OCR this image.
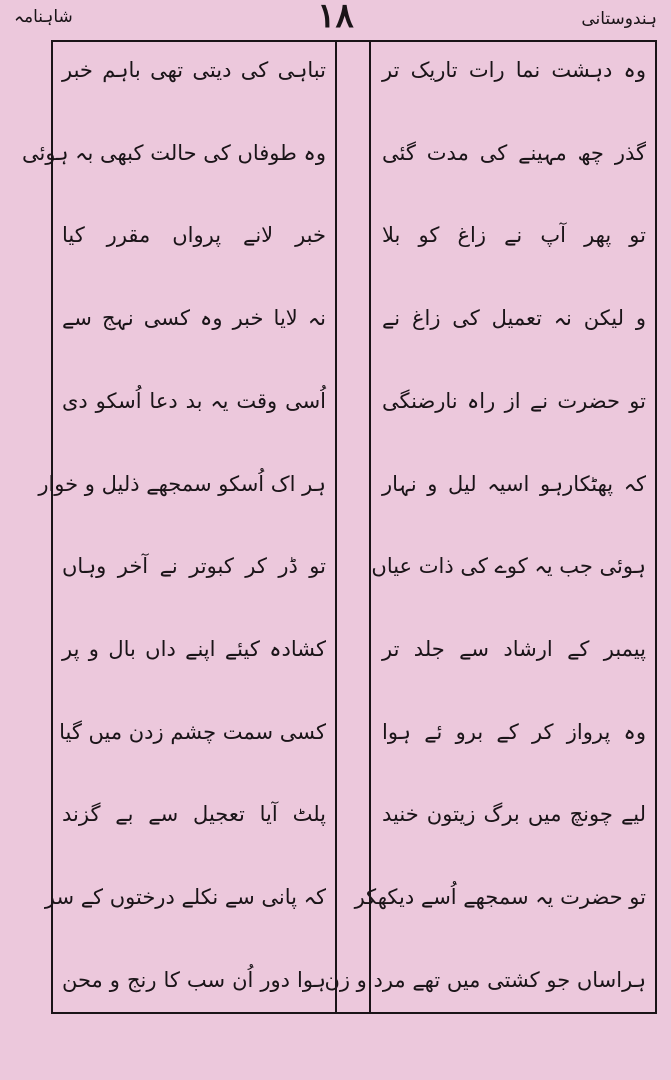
شاہنامہ	۱۸	ہندوستانی
وہ دہشت نما رات تاریک تر
گذر چھ مہینے کی مدت گئی
تو پھر آپ نے زاغ کو بلا
و لیکن نہ تعمیل کی زاغ نے
تو حضرت نے از راہ نارضنگی
کہ پھٹکارہو اسیہ لیل و نہار
ہوئی جب یہ کوے کی ذات عیاں
پیمبر کے ارشاد سے جلد تر
وہ پرواز کر کے برو ئے ہوا
لیے چونچ میں برگ زیتون خنید
تو حضرت یہ سمجھے اُسے دیکھکر
ہراساں جو کشتی میں تھے مرد و زن
تباہی کی دیتی تھی باہم خبر
وہ طوفاں کی حالت کبھی بہ ہوئی
خبر لانے پرواں مقرر کیا
نہ لایا خبر وہ کسی نہج سے
اُسی وقت یہ بد دعا اُسکو دی
ہر اک اُسکو سمجھے ذلیل و خوار
تو ڈر کر کبوتر نے آخر وہاں
کشادہ کیئے اپنے داں بال و پر
کسی سمت چشم زدن میں گیا
پلٹ آیا تعجیل سے بے گزند
کہ پانی سے نکلے درختوں کے سر
ہوا دور اُن سب کا رنج و محن
